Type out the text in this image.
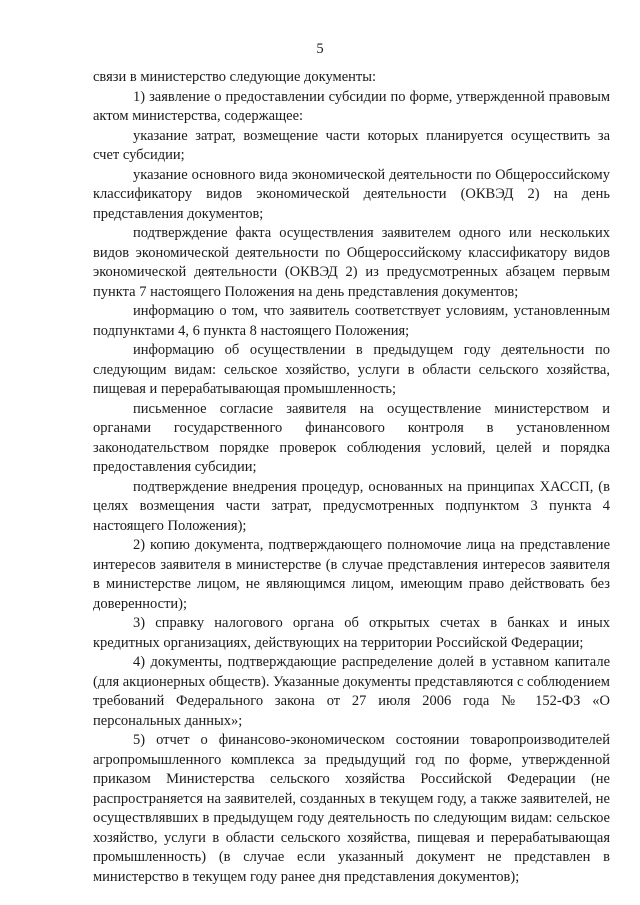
5

связи в министерство следующие документы:

1) заявление о предоставлении субсидии по форме, утвержденной правовым актом министерства, содержащее:

указание затрат, возмещение части которых планируется осуществить за счет субсидии;

указание основного вида экономической деятельности по Общероссийскому классификатору видов экономической деятельности (ОКВЭД 2) на день представления документов;

подтверждение факта осуществления заявителем одного или нескольких видов экономической деятельности по Общероссийскому классификатору видов экономической деятельности (ОКВЭД 2) из предусмотренных абзацем первым пункта 7 настоящего Положения на день представления документов;

информацию о том, что заявитель соответствует условиям, установленным подпунктами 4, 6 пункта 8 настоящего Положения;

информацию об осуществлении в предыдущем году деятельности по следующим видам: сельское хозяйство, услуги в области сельского хозяйства, пищевая и перерабатывающая промышленность;

письменное согласие заявителя на осуществление министерством и органами государственного финансового контроля в установленном законодательством порядке проверок соблюдения условий, целей и порядка предоставления субсидии;

подтверждение внедрения процедур, основанных на принципах ХАССП, (в целях возмещения части затрат, предусмотренных подпунктом 3 пункта 4 настоящего Положения);

2) копию документа, подтверждающего полномочие лица на представление интересов заявителя в министерстве (в случае представления интересов заявителя в министерстве лицом, не являющимся лицом, имеющим право действовать без доверенности);

3) справку налогового органа об открытых счетах в банках и иных кредитных организациях, действующих на территории Российской Федерации;

4) документы, подтверждающие распределение долей в уставном капитале (для акционерных обществ). Указанные документы представляются с соблюдением требований Федерального закона от 27 июля 2006 года № 152-ФЗ «О персональных данных»;

5) отчет о финансово-экономическом состоянии товаропроизводителей агропромышленного комплекса за предыдущий год по форме, утвержденной приказом Министерства сельского хозяйства Российской Федерации (не распространяется на заявителей, созданных в текущем году, а также заявителей, не осуществлявших в предыдущем году деятельность по следующим видам: сельское хозяйство, услуги в области сельского хозяйства, пищевая и перерабатывающая промышленность) (в случае если указанный документ не представлен в министерство в текущем году ранее дня представления документов);
